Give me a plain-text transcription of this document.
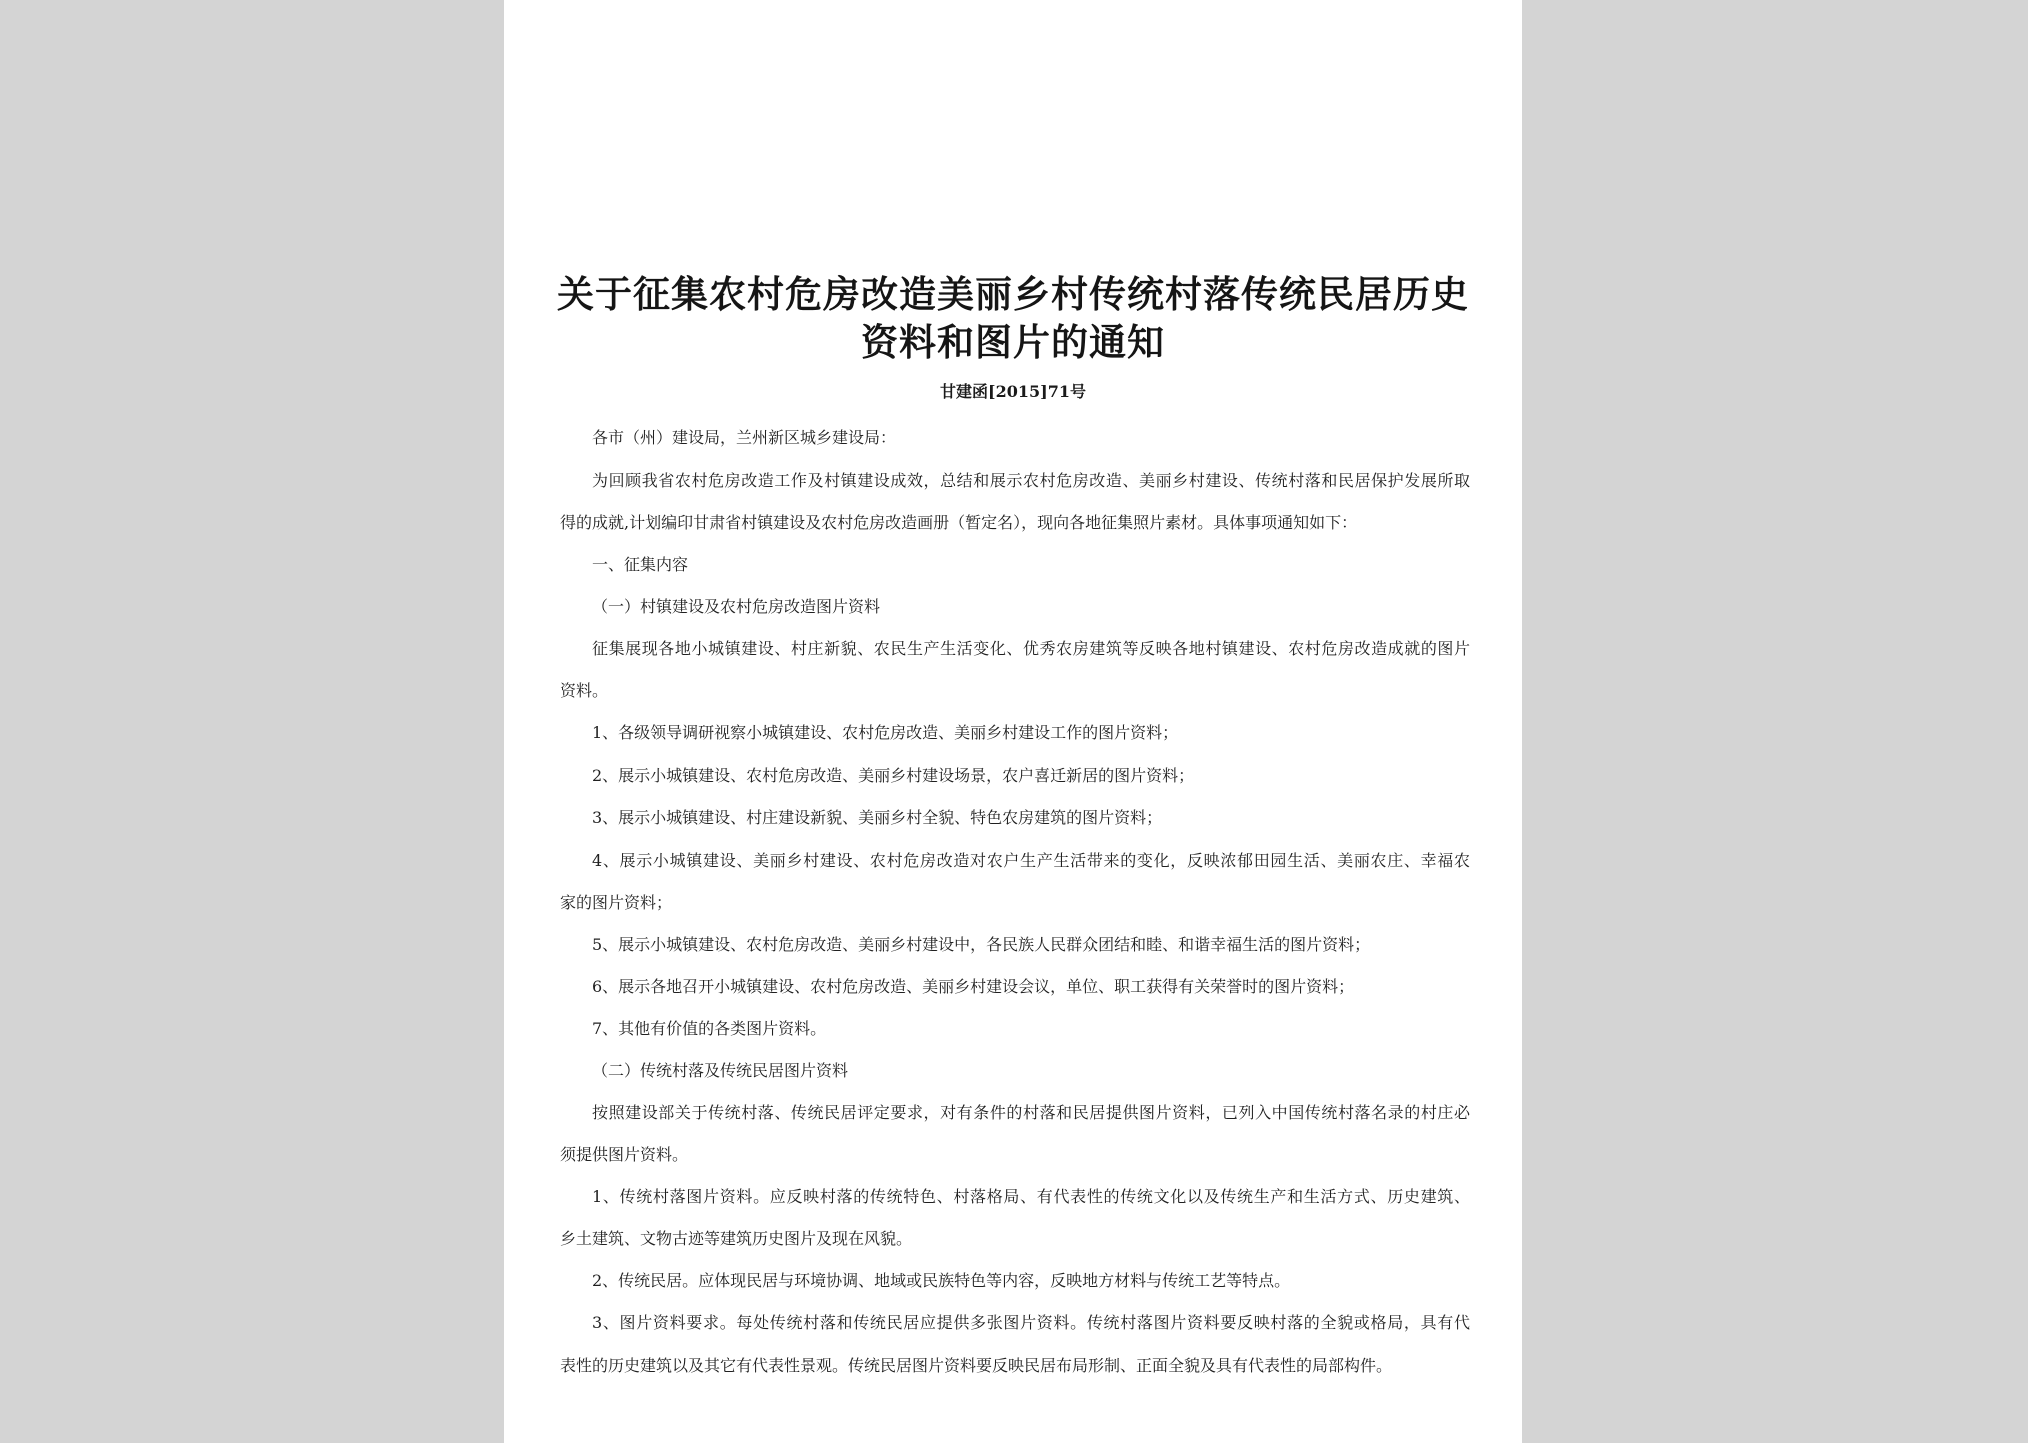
关于征集农村危房改造美丽乡村传统村落传统民居历史
资料和图片的通知
甘建函[2015]71号
各市（州）建设局，兰州新区城乡建设局：
为回顾我省农村危房改造工作及村镇建设成效，总结和展示农村危房改造、美丽乡村建设、传统村落和民居保护发展所取
得的成就,计划编印甘肃省村镇建设及农村危房改造画册（暂定名），现向各地征集照片素材。具体事项通知如下：
一、征集内容
（一）村镇建设及农村危房改造图片资料
征集展现各地小城镇建设、村庄新貌、农民生产生活变化、优秀农房建筑等反映各地村镇建设、农村危房改造成就的图片
资料。
1、各级领导调研视察小城镇建设、农村危房改造、美丽乡村建设工作的图片资料；
2、展示小城镇建设、农村危房改造、美丽乡村建设场景，农户喜迁新居的图片资料；
3、展示小城镇建设、村庄建设新貌、美丽乡村全貌、特色农房建筑的图片资料；
4、展示小城镇建设、美丽乡村建设、农村危房改造对农户生产生活带来的变化，反映浓郁田园生活、美丽农庄、幸福农
家的图片资料；
5、展示小城镇建设、农村危房改造、美丽乡村建设中，各民族人民群众团结和睦、和谐幸福生活的图片资料；
6、展示各地召开小城镇建设、农村危房改造、美丽乡村建设会议，单位、职工获得有关荣誉时的图片资料；
7、其他有价值的各类图片资料。
（二）传统村落及传统民居图片资料
按照建设部关于传统村落、传统民居评定要求，对有条件的村落和民居提供图片资料，已列入中国传统村落名录的村庄必
须提供图片资料。
1、传统村落图片资料。应反映村落的传统特色、村落格局、有代表性的传统文化以及传统生产和生活方式、历史建筑、
乡土建筑、文物古迹等建筑历史图片及现在风貌。
2、传统民居。应体现民居与环境协调、地域或民族特色等内容，反映地方材料与传统工艺等特点。
3、图片资料要求。每处传统村落和传统民居应提供多张图片资料。传统村落图片资料要反映村落的全貌或格局，具有代
表性的历史建筑以及其它有代表性景观。传统民居图片资料要反映民居布局形制、正面全貌及具有代表性的局部构件。
